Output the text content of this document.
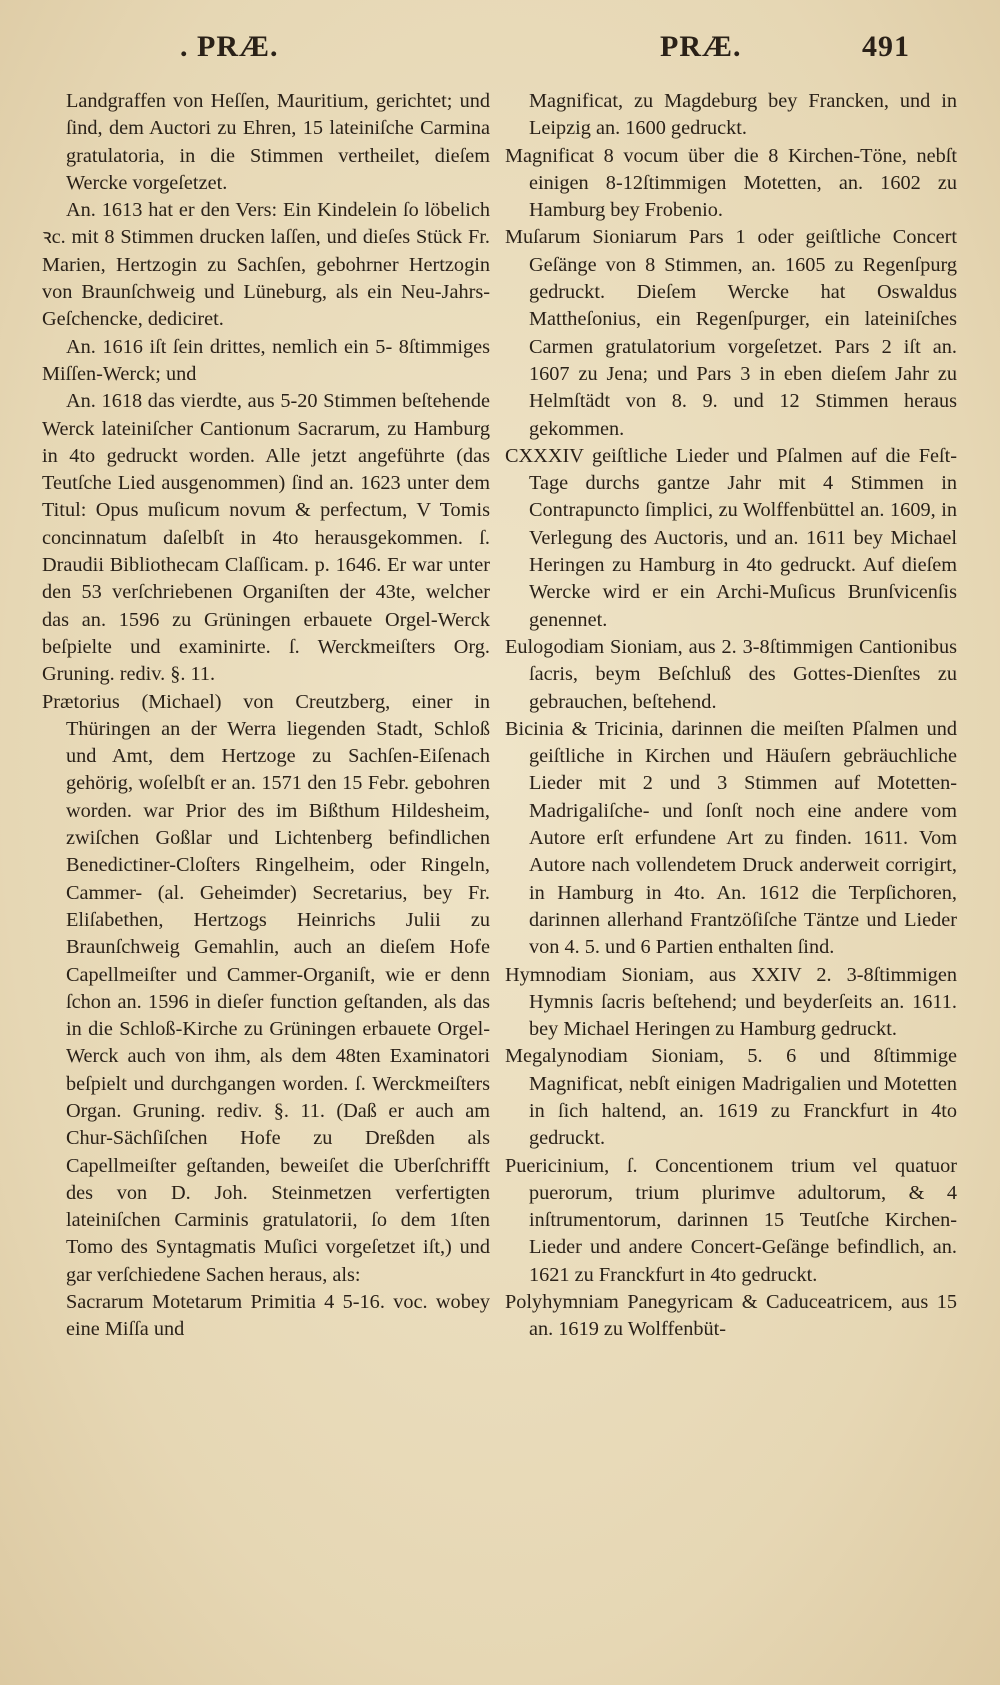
. PRÆ.	PRÆ.	491

Landgraffen von Heſſen, Mauritium, gerichtet; und ſind, dem Auctori zu Ehren, 15 lateiniſche Carmina gratulatoria, in die Stimmen vertheilet, dieſem Wercke vorgeſetzet.

An. 1613 hat er den Vers: Ein Kindelein ſo löbelich ꝛc. mit 8 Stimmen drucken laſſen, und dieſes Stück Fr. Marien, Hertzogin zu Sachſen, gebohrner Hertzogin von Braunſchweig und Lüneburg, als ein Neu-Jahrs-Geſchencke, dediciret.

An. 1616 iſt ſein drittes, nemlich ein 5- 8ſtimmiges Miſſen-Werck; und

An. 1618 das vierdte, aus 5-20 Stimmen beſtehende Werck lateiniſcher Cantionum Sacrarum, zu Hamburg in 4to gedruckt worden. Alle jetzt angeführte (das Teutſche Lied ausgenommen) ſind an. 1623 unter dem Titul: Opus muſicum novum & perfectum, V Tomis concinnatum daſelbſt in 4to herausgekommen. ſ. Draudii Bibliothecam Claſſicam. p. 1646. Er war unter den 53 verſchriebenen Organiſten der 43te, welcher das an. 1596 zu Grüningen erbauete Orgel-Werck beſpielte und examinirte. ſ. Werckmeiſters Org. Gruning. rediv. §. 11.

Prætorius (Michael) von Creutzberg, einer in Thüringen an der Werra liegenden Stadt, Schloß und Amt, dem Hertzoge zu Sachſen-Eiſenach gehörig, woſelbſt er an. 1571 den 15 Febr. gebohren worden. war Prior des im Bißthum Hildesheim, zwiſchen Goßlar und Lichtenberg befindlichen Benedictiner-Cloſters Ringelheim, oder Ringeln, Cammer- (al. Geheimder) Secretarius, bey Fr. Eliſabethen, Hertzogs Heinrichs Julii zu Braunſchweig Gemahlin, auch an dieſem Hofe Capellmeiſter und Cammer-Organiſt, wie er denn ſchon an. 1596 in dieſer function geſtanden, als das in die Schloß-Kirche zu Grüningen erbauete Orgel-Werck auch von ihm, als dem 48ten Examinatori beſpielt und durchgangen worden. ſ. Werckmeiſters Organ. Gruning. rediv. §. 11. (Daß er auch am Chur-Sächſiſchen Hofe zu Dreßden als Capellmeiſter geſtanden, beweiſet die Uberſchrifft des von D. Joh. Steinmetzen verfertigten lateiniſchen Carminis gratulatorii, ſo dem 1ſten Tomo des Syntagmatis Muſici vorgeſetzet iſt,) und gar verſchiedene Sachen heraus, als:

Sacrarum Motetarum Primitia 4 5-16. voc. wobey eine Miſſa und

Magnificat, zu Magdeburg bey Francken, und in Leipzig an. 1600 gedruckt.

Magnificat 8 vocum über die 8 Kirchen-Töne, nebſt einigen 8-12ſtimmigen Motetten, an. 1602 zu Hamburg bey Frobenio.

Muſarum Sioniarum Pars 1 oder geiſtliche Concert Geſänge von 8 Stimmen, an. 1605 zu Regenſpurg gedruckt. Dieſem Wercke hat Oswaldus Mattheſonius, ein Regenſpurger, ein lateiniſches Carmen gratulatorium vorgeſetzet. Pars 2 iſt an. 1607 zu Jena; und Pars 3 in eben dieſem Jahr zu Helmſtädt von 8. 9. und 12 Stimmen heraus gekommen.

CXXXIV geiſtliche Lieder und Pſalmen auf die Feſt-Tage durchs gantze Jahr mit 4 Stimmen in Contrapuncto ſimplici, zu Wolffenbüttel an. 1609, in Verlegung des Auctoris, und an. 1611 bey Michael Heringen zu Hamburg in 4to gedruckt. Auf dieſem Wercke wird er ein Archi-Muſicus Brunſvicenſis genennet.

Eulogodiam Sioniam, aus 2. 3-8ſtimmigen Cantionibus ſacris, beym Beſchluß des Gottes-Dienſtes zu gebrauchen, beſtehend.

Bicinia & Tricinia, darinnen die meiſten Pſalmen und geiſtliche in Kirchen und Häuſern gebräuchliche Lieder mit 2 und 3 Stimmen auf Motetten-Madrigaliſche- und ſonſt noch eine andere vom Autore erſt erfundene Art zu finden. 1611. Vom Autore nach vollendetem Druck anderweit corrigirt, in Hamburg in 4to. An. 1612 die Terpſichoren, darinnen allerhand Frantzöſiſche Täntze und Lieder von 4. 5. und 6 Partien enthalten ſind.

Hymnodiam Sioniam, aus XXIV 2. 3-8ſtimmigen Hymnis ſacris beſtehend; und beyderſeits an. 1611. bey Michael Heringen zu Hamburg gedruckt.

Megalynodiam Sioniam, 5. 6 und 8ſtimmige Magnificat, nebſt einigen Madrigalien und Motetten in ſich haltend, an. 1619 zu Franckfurt in 4to gedruckt.

Puericinium, ſ. Concentionem trium vel quatuor puerorum, trium plurimve adultorum, & 4 inſtrumentorum, darinnen 15 Teutſche Kirchen-Lieder und andere Concert-Geſänge befindlich, an. 1621 zu Franckfurt in 4to gedruckt.

Polyhymniam Panegyricam & Caduceatricem, aus 15 an. 1619 zu Wolffenbüt-
